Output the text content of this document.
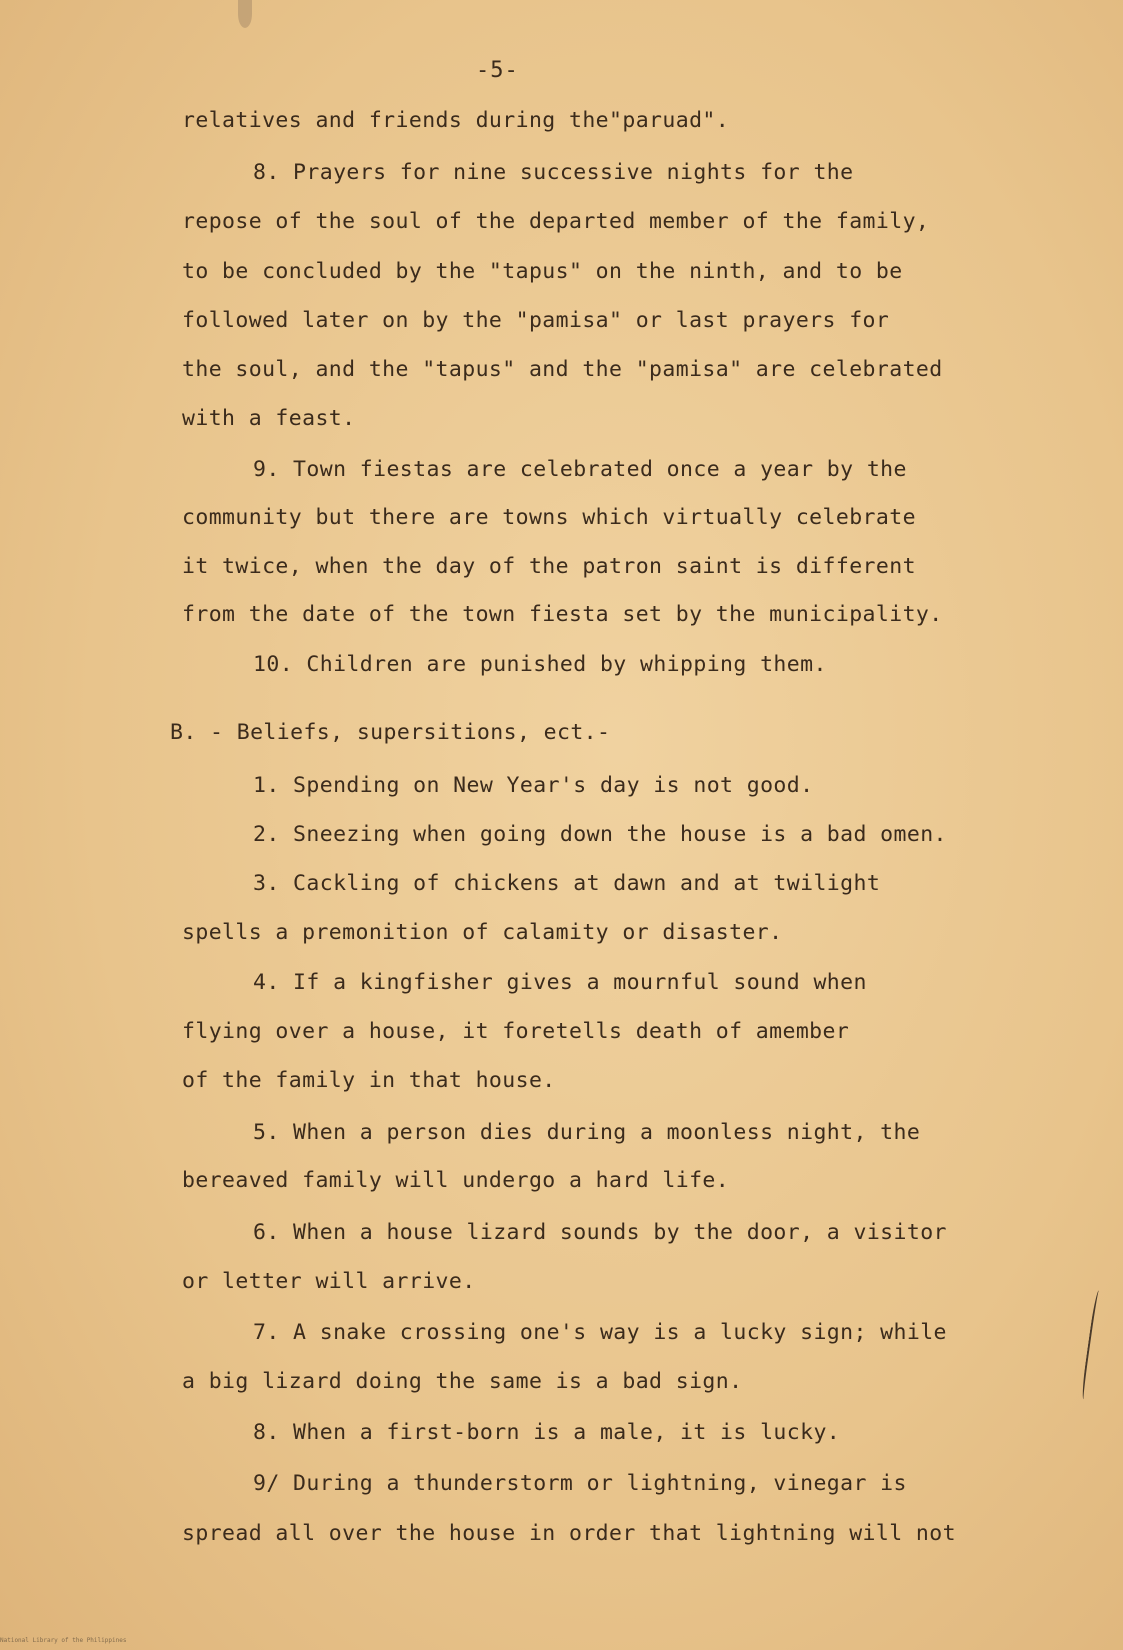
-5-
relatives and friends during the"paruad".
8. Prayers for nine successive nights for the
repose of the soul of the departed member of the family,
to be concluded by the "tapus" on the ninth, and to be
followed later on by the "pamisa" or last prayers for
the soul, and the "tapus" and the "pamisa" are celebrated
with a feast.
9. Town fiestas are celebrated once a year by the
community but there are towns which virtually celebrate
it twice, when the day of the patron saint is different
from the date of the town fiesta set by the municipality.
10. Children are punished by whipping them.
B. - Beliefs, supersitions, ect.-
1. Spending on New Year's day is not good.
2. Sneezing when going down the house is a bad omen.
3. Cackling of chickens at dawn and at twilight
spells a premonition of calamity or disaster.
4. If a kingfisher gives a mournful sound when
flying over a house, it foretells death of amember
of the family in that house.
5. When a person dies during a moonless night, the
bereaved family will undergo a hard life.
6. When a house lizard sounds by the door, a visitor
or letter will arrive.
7. A snake crossing one's way is a lucky sign; while
a big lizard doing the same is a bad sign.
8. When a first-born is a male, it is lucky.
9/ During a thunderstorm or lightning, vinegar is
spread all over the house in order that lightning will not
National Library of the Philippines
